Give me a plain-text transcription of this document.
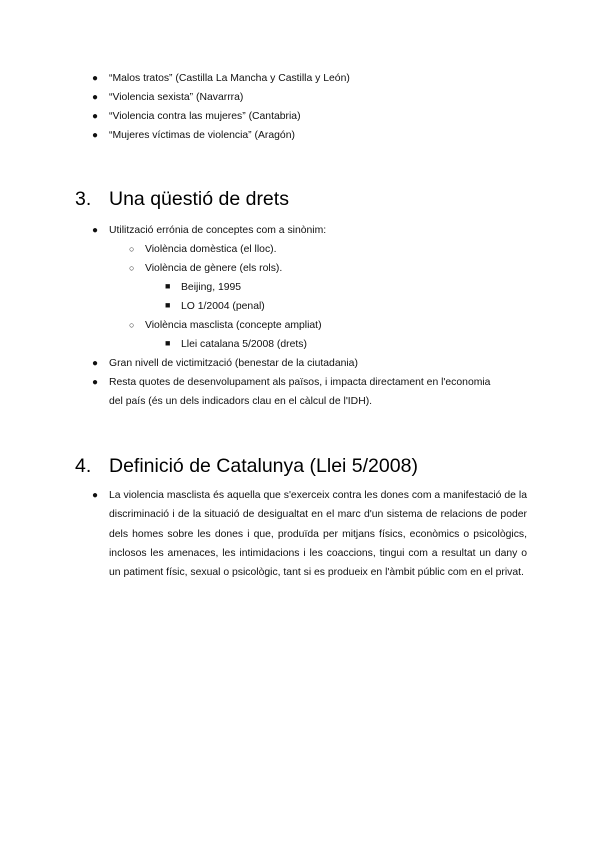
● “Malos tratos” (Castilla La Mancha y Castilla y León)
● “Violencia sexista” (Navarrra)
● “Violencia contra las mujeres” (Cantabria)
● “Mujeres víctimas de violencia” (Aragón)
3. Una qüestió de drets
● Utilització errónia de conceptes com a sinònim:
○ Violència domèstica (el lloc).
○ Violència de gènere (els rols).
■ Beijing, 1995
■ LO 1/2004 (penal)
○ Violència masclista (concepte ampliat)
■ Llei catalana 5/2008 (drets)
● Gran nivell de victimització (benestar de la ciutadania)
● Resta quotes de desenvolupament als països, i impacta directament en l'economia
del país (és un dels indicadors clau en el càlcul de l'IDH).
4. Definició de Catalunya (Llei 5/2008)
● La violencia masclista és aquella que s'exerceix contra les dones com a manifestació de la discriminació i de la situació de desigualtat en el marc d'un sistema de relacions de poder dels homes sobre les dones i que, produïda per mitjans físics, econòmics o psicològics, inclosos les amenaces, les intimidacions i les coaccions, tingui com a resultat un dany o un patiment físic, sexual o psicològic, tant si es produeix en l'àmbit públic com en el privat.
